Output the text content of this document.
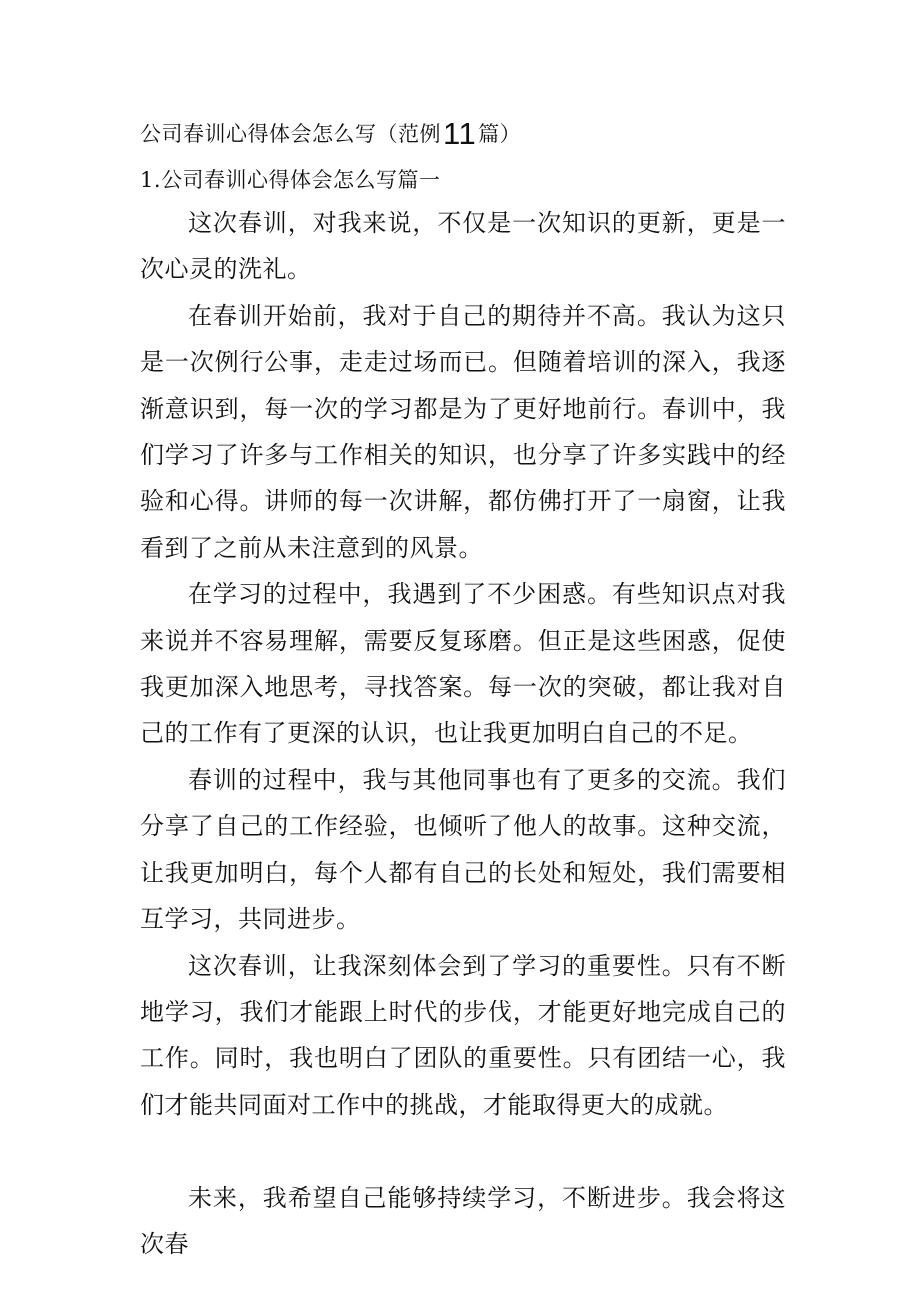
公司春训心得体会怎么写（范例11篇）
1.公司春训心得体会怎么写篇一

这次春训，对我来说，不仅是一次知识的更新，更是一次心灵的洗礼。

在春训开始前，我对于自己的期待并不高。我认为这只是一次例行公事，走走过场而已。但随着培训的深入，我逐渐意识到，每一次的学习都是为了更好地前行。春训中，我们学习了许多与工作相关的知识，也分享了许多实践中的经验和心得。讲师的每一次讲解，都仿佛打开了一扇窗，让我看到了之前从未注意到的风景。

在学习的过程中，我遇到了不少困惑。有些知识点对我来说并不容易理解，需要反复琢磨。但正是这些困惑，促使我更加深入地思考，寻找答案。每一次的突破，都让我对自己的工作有了更深的认识，也让我更加明白自己的不足。

春训的过程中，我与其他同事也有了更多的交流。我们分享了自己的工作经验，也倾听了他人的故事。这种交流，让我更加明白，每个人都有自己的长处和短处，我们需要相互学习，共同进步。

这次春训，让我深刻体会到了学习的重要性。只有不断地学习，我们才能跟上时代的步伐，才能更好地完成自己的工作。同时，我也明白了团队的重要性。只有团结一心，我们才能共同面对工作中的挑战，才能取得更大的成就。

未来，我希望自己能够持续学习，不断进步。我会将这次春
